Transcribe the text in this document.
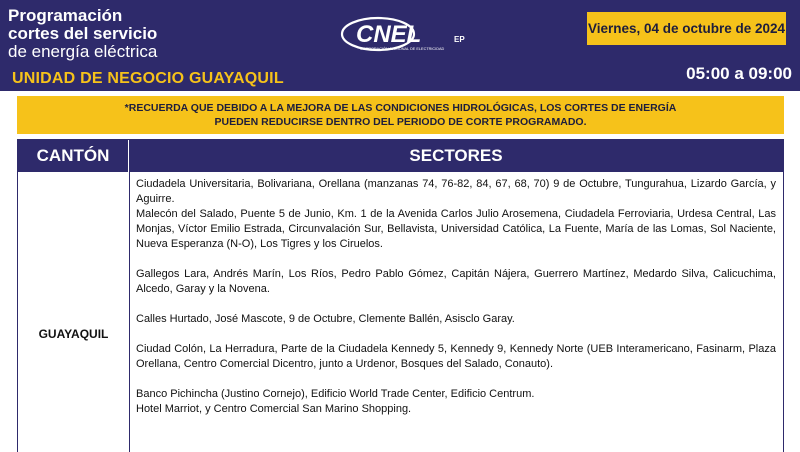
Programación
cortes del servicio
de energía eléctrica
UNIDAD DE NEGOCIO GUAYAQUIL
CNEL	EP
CORPORACIÓN NACIONAL DE ELECTRICIDAD
Viernes, 04 de octubre de 2024
05:00 a 09:00
*RECUERDA QUE DEBIDO A LA MEJORA DE LAS CONDICIONES HIDROLÓGICAS, LOS CORTES DE ENERGÍA
PUEDEN REDUCIRSE DENTRO DEL PERIODO DE CORTE PROGRAMADO.
CANTÓN	SECTORES
GUAYAQUIL

Ciudadela Universitaria, Bolivariana, Orellana (manzanas 74, 76-82, 84, 67, 68, 70) 9 de Octubre, Tungurahua, Lizardo García, y Aguirre.

Malecón del Salado, Puente 5 de Junio, Km. 1 de la Avenida Carlos Julio Arosemena, Ciudadela Ferroviaria, Urdesa Central, Las Monjas, Víctor Emilio Estrada, Circunvalación Sur, Bellavista, Universidad Católica, La Fuente, María de las Lomas, Sol Naciente, Nueva Esperanza (N-O), Los Tigres y los Ciruelos.

Gallegos Lara, Andrés Marín, Los Ríos, Pedro Pablo Gómez, Capitán Nájera, Guerrero Martínez, Medardo Silva, Calicuchima, Alcedo, Garay y la Novena.

Calles Hurtado, José Mascote, 9 de Octubre, Clemente Ballén, Asisclo Garay.

Ciudad Colón, La Herradura, Parte de la Ciudadela Kennedy 5, Kennedy 9, Kennedy Norte (UEB Interamericano, Fasinarm, Plaza Orellana, Centro Comercial Dicentro, junto a Urdenor, Bosques del Salado, Conauto).

Banco Pichincha (Justino Cornejo), Edificio World Trade Center, Edificio Centrum.

Hotel Marriot, y Centro Comercial San Marino Shopping.
